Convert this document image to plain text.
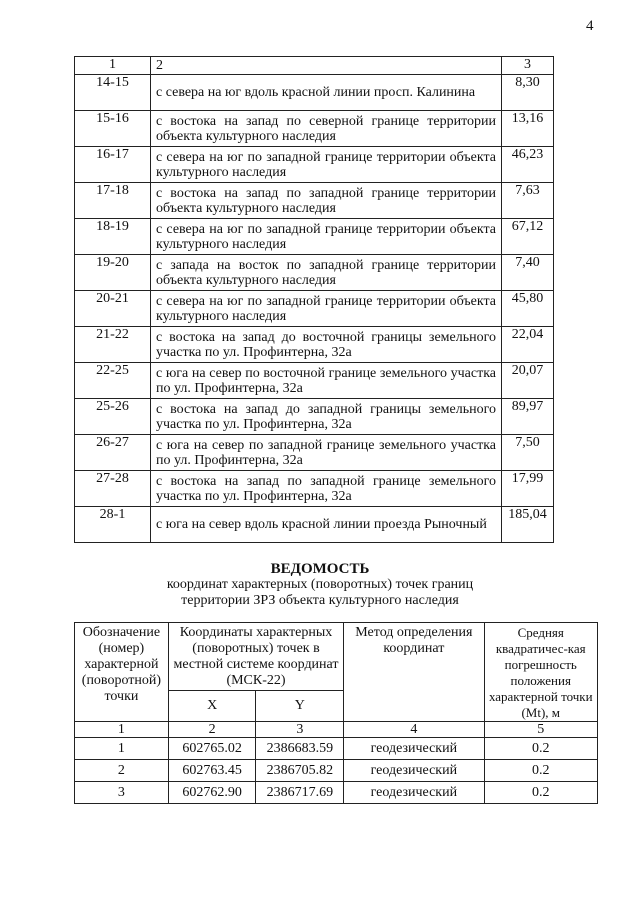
4
1	2	3
14-15	с севера на юг вдоль красной линии просп. Калинина	8,30
15-16	с востока на запад по северной границе территории объекта культурного наследия	13,16
16-17	с севера на юг по западной границе территории объекта культурного наследия	46,23
17-18	с востока на запад по западной границе территории объекта культурного наследия	7,63
18-19	с севера на юг по западной границе территории объекта культурного наследия	67,12
19-20	с запада на восток по западной границе территории объекта культурного наследия	7,40
20-21	с севера на юг по западной границе территории объекта культурного наследия	45,80
21-22	с востока на запад до восточной границы земельного участка по ул. Профинтерна, 32а	22,04
22-25	с юга на север по восточной границе земельного участка по ул. Профинтерна, 32а	20,07
25-26	с востока на запад до западной границы земельного участка по ул. Профинтерна, 32а	89,97
26-27	с юга на север по западной границе земельного участка по ул. Профинтерна, 32а	7,50
27-28	с востока на запад по западной границе земельного участка по ул. Профинтерна, 32а	17,99
28-1	с юга на север вдоль красной линии проезда Рыночный	185,04
ВЕДОМОСТЬ
координат характерных (поворотных) точек границ
территории ЗРЗ объекта культурного наследия
Обозначение (номер) характерной (поворотной) точки	Координаты характерных (поворотных) точек в местной системе координат (МСК-22)		Метод определения координат	Средняя квадратичес-кая погрешность положения характерной точки (Mt), м
	X	Y		
1	2	3	4	5
1	602765.02	2386683.59	геодезический	0.2
2	602763.45	2386705.82	геодезический	0.2
3	602762.90	2386717.69	геодезический	0.2
